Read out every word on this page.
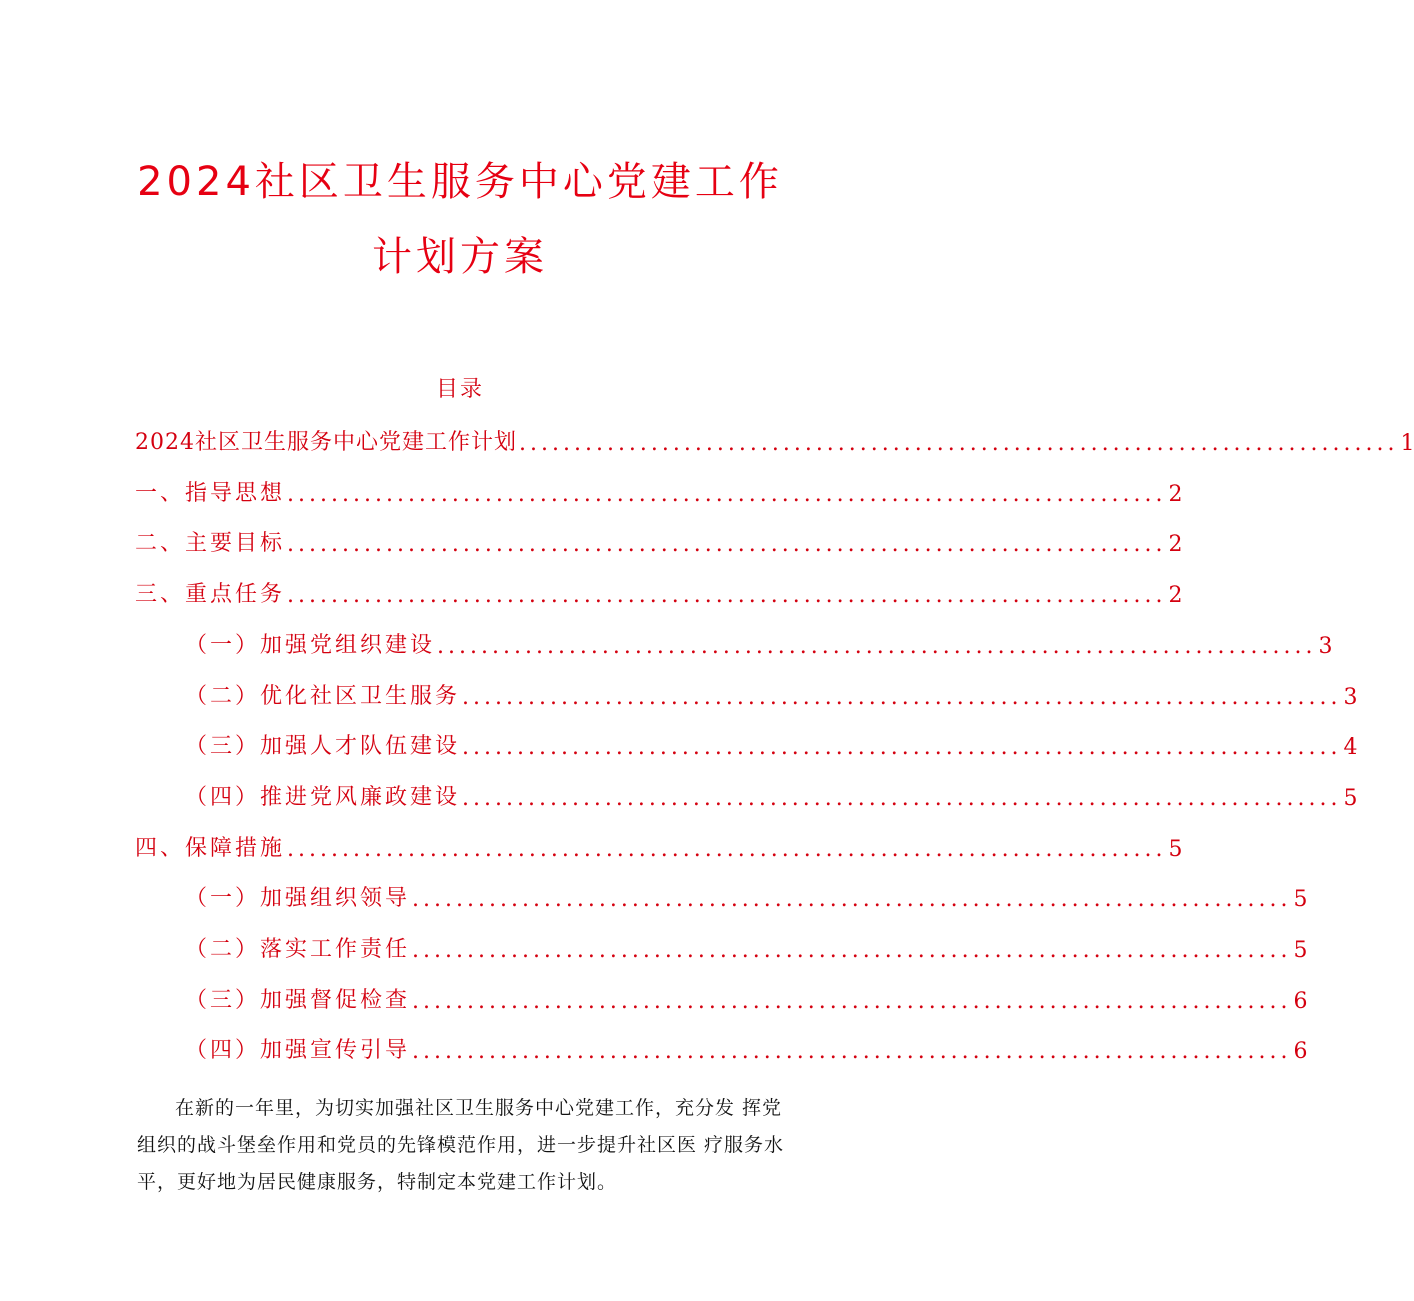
2024社区卫生服务中心党建工作
计划方案
目录
2024社区卫生服务中心党建工作计划 ................................................................................ 1
一、指导思想 ................................................................................ 2
二、主要目标 ................................................................................ 2
三、重点任务 ................................................................................ 2
（一）加强党组织建设 ................................................................................ 3
（二）优化社区卫生服务 ................................................................................ 3
（三）加强人才队伍建设 ................................................................................ 4
（四）推进党风廉政建设 ................................................................................ 5
四、保障措施 ................................................................................ 5
（一）加强组织领导 ................................................................................ 5
（二）落实工作责任 ................................................................................ 5
（三）加强督促检查 ................................................................................ 6
（四）加强宣传引导 ................................................................................ 6
在新的一年里，为切实加强社区卫生服务中心党建工作，充分发 挥党组织的战斗堡垒作用和党员的先锋模范作用，进一步提升社区医 疗服务水平，更好地为居民健康服务，特制定本党建工作计划。
